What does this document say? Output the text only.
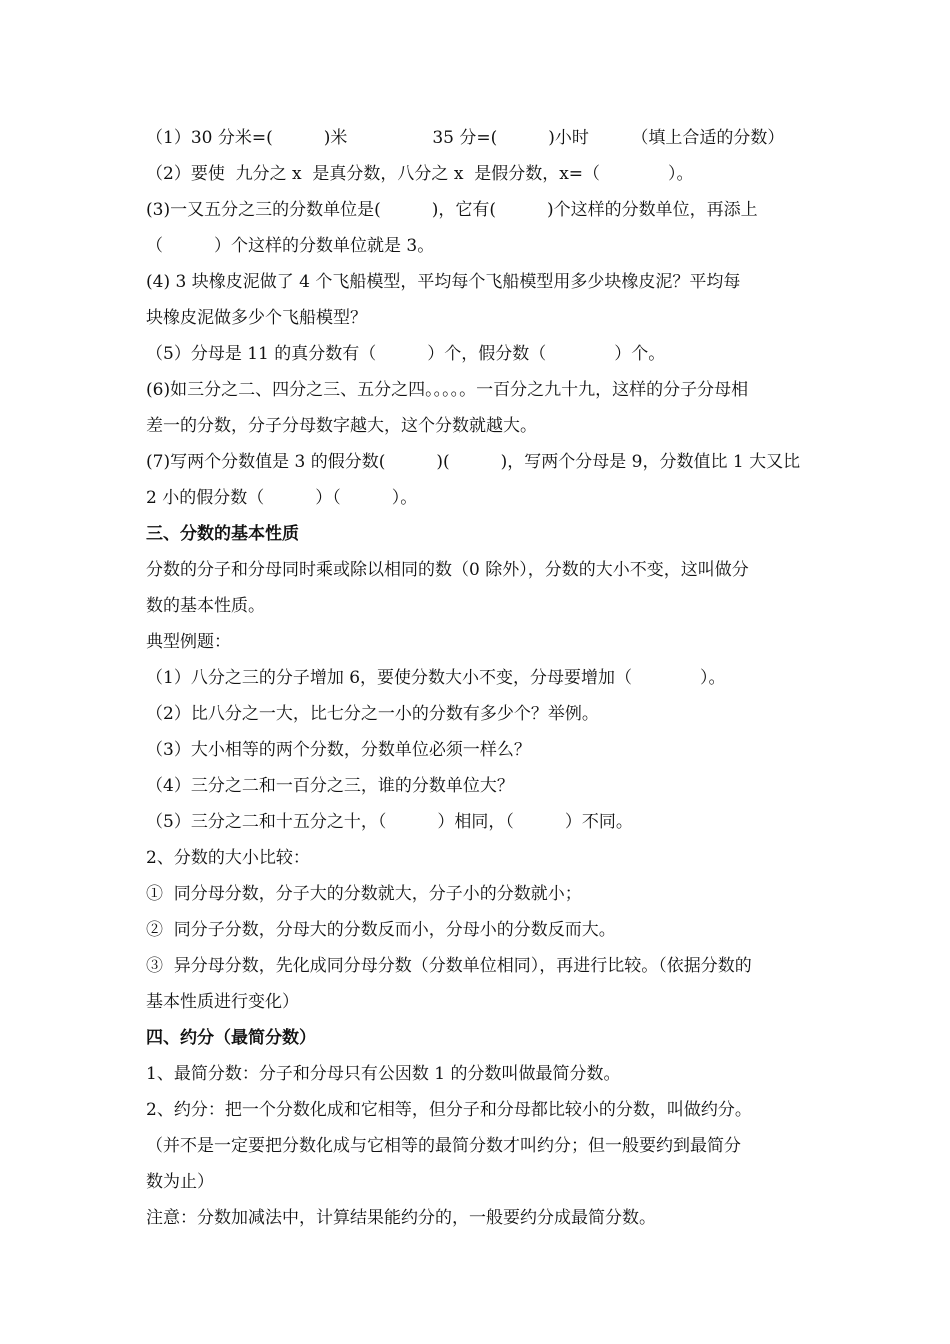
（1）30 分米=(　　　)米　　　　　35 分=(　　　)小时　　　（填上合适的分数）
（2）要使  九分之 x  是真分数，八分之 x  是假分数，x=（　　　　）。
(3)一又五分之三的分数单位是(　　　)，它有(　　　)个这样的分数单位，再添上
（　　　）个这样的分数单位就是 3。
(4) 3 块橡皮泥做了 4 个飞船模型，平均每个飞船模型用多少块橡皮泥？平均每
块橡皮泥做多少个飞船模型？
（5）分母是 11 的真分数有（　　　）个，假分数（　　　　）个。
(6)如三分之二、四分之三、五分之四。。。。。一百分之九十九，这样的分子分母相
差一的分数，分子分母数字越大，这个分数就越大。
(7)写两个分数值是 3 的假分数(　　　)(　　　)，写两个分母是 9，分数值比 1 大又比
2 小的假分数（　　　）（　　　）。
三、分数的基本性质
分数的分子和分母同时乘或除以相同的数（0 除外），分数的大小不变，这叫做分
数的基本性质。
典型例题：
（1）八分之三的分子增加 6，要使分数大小不变，分母要增加（　　　　）。
（2）比八分之一大，比七分之一小的分数有多少个？举例。
（3）大小相等的两个分数，分数单位必须一样么？
（4）三分之二和一百分之三，谁的分数单位大？
（5）三分之二和十五分之十，（　　　）相同，（　　　）不同。
2、分数的大小比较：
①  同分母分数，分子大的分数就大，分子小的分数就小；
②  同分子分数，分母大的分数反而小，分母小的分数反而大。
③  异分母分数，先化成同分母分数（分数单位相同），再进行比较。（依据分数的
基本性质进行变化）
四、约分（最简分数）
1、最简分数：分子和分母只有公因数 1 的分数叫做最简分数。
2、约分：把一个分数化成和它相等，但分子和分母都比较小的分数，叫做约分。
（并不是一定要把分数化成与它相等的最简分数才叫约分；但一般要约到最简分
数为止）
注意：分数加减法中，计算结果能约分的，一般要约分成最简分数。
